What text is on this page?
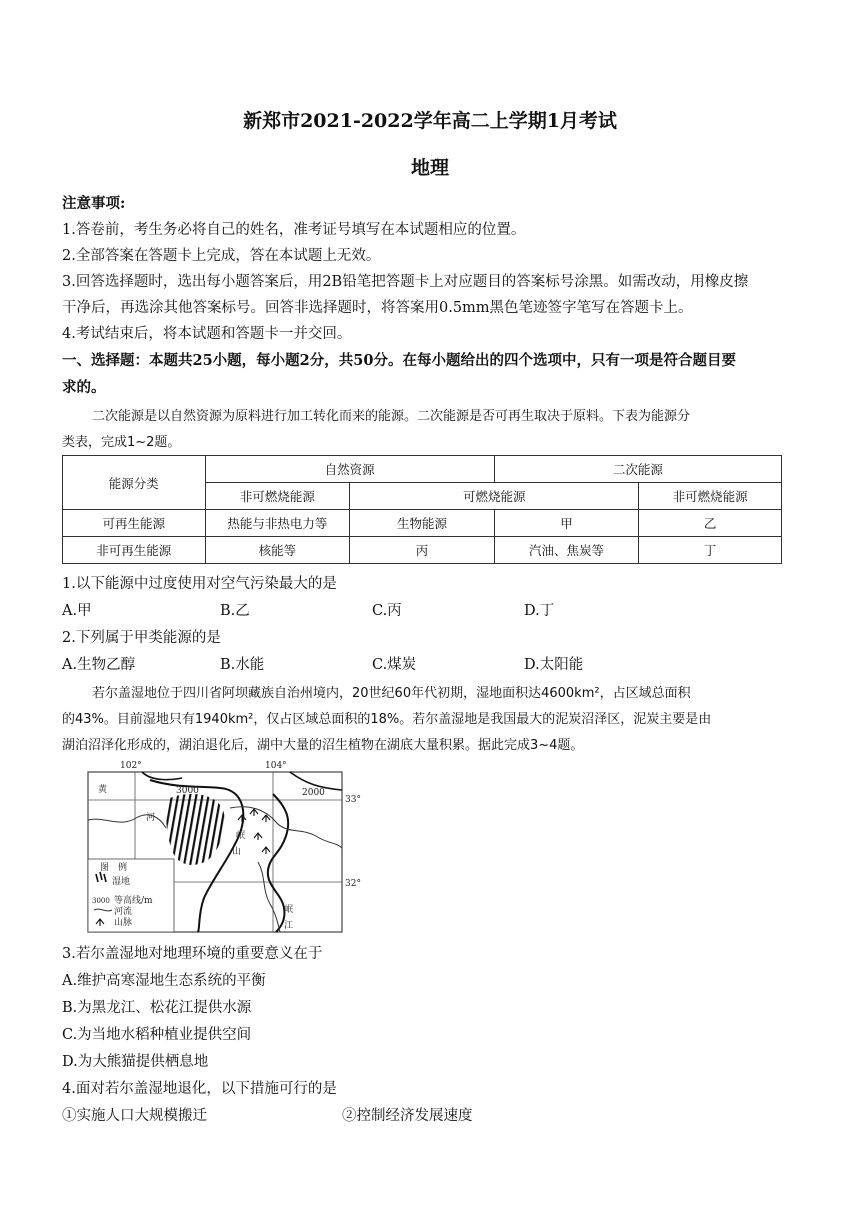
新郑市2021-2022学年高二上学期1月考试
地理
注意事项:
1.答卷前，考生务必将自己的姓名，准考证号填写在本试题相应的位置。
2.全部答案在答题卡上完成，答在本试题上无效。
3.回答选择题时，选出每小题答案后，用2B铅笔把答题卡上对应题目的答案标号涂黑。如需改动，用橡皮擦
干净后，再选涂其他答案标号。回答非选择题时，将答案用0.5mm黑色笔迹签字笔写在答题卡上。
4.考试结束后，将本试题和答题卡一并交回。
一、选择题：本题共25小题，每小题2分，共50分。在每小题给出的四个选项中，只有一项是符合题目要
求的。
二次能源是以自然资源为原料进行加工转化而来的能源。二次能源是否可再生取决于原料。下表为能源分
类表，完成1~2题。
能源分类	自然资源		二次能源	
	非可燃烧能源	可燃烧能源		非可燃烧能源
可再生能源	热能与非热电力等	生物能源	甲	乙
非可再生能源	核能等	丙	汽油、焦炭等	丁
1.以下能源中过度使用对空气污染最大的是
A.甲	B.乙	C.丙	D.丁
2.下列属于甲类能源的是
A.生物乙醇	B.水能	C.煤炭	D.太阳能
若尔盖湿地位于四川省阿坝藏族自治州境内，20世纪60年代初期，湿地面积达4600km²，占区域总面积
的43%。目前湿地只有1940km²，仅占区域总面积的18%。若尔盖湿地是我国最大的泥炭沼泽区，泥炭主要是由
湖泊沼泽化形成的，湖泊退化后，湖中大量的沼生植物在湖底大量积累。据此完成3~4题。
102°	104°
33°
32°
3000	2000
黄
河
岷
山
岷
江
图　例
湿地
3000 等高线/m
河流
山脉
3.若尔盖湿地对地理环境的重要意义在于
A.维护高寒湿地生态系统的平衡
B.为黑龙江、松花江提供水源
C.为当地水稻种植业提供空间
D.为大熊猫提供栖息地
4.面对若尔盖湿地退化，以下措施可行的是
①实施人口大规模搬迁	②控制经济发展速度
